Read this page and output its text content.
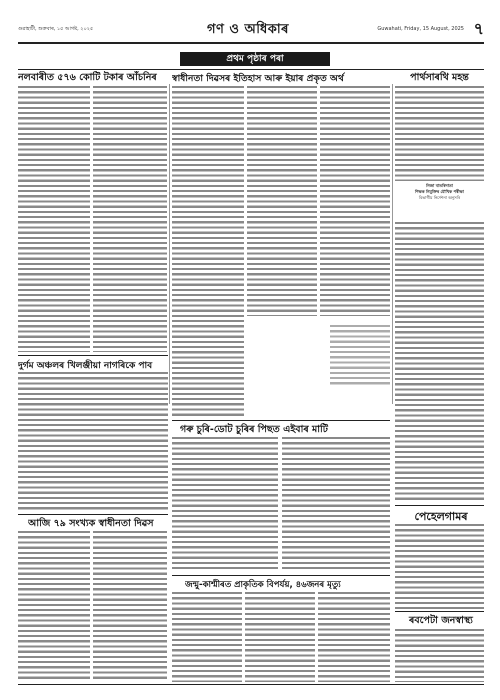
গুৱাহাটী, শুক্ৰবাৰ, ১৫ আগষ্ট, ২০২৫	গণ ও অধিকাৰ	Guwahati, Friday, 15 August, 2025 ৭
প্ৰথম পৃষ্ঠাৰ পৰা
নলবাৰীত ৫৭৬ কোটি টকাৰ আঁচনিৰ	স্বাধীনতা দিৱসৰ ইতিহাস আৰু ইয়াৰ প্ৰকৃত অৰ্থ	পাৰ্থসাৰথি মহন্ত
নিজা বাতৰিদাতা
শিক্ষক নিযুক্তিৰ মৌখিক পৰীক্ষা
বিভাগীয় নিৰ্দেশনা অনুসৰি
দুৰ্গম অঞ্চলৰ খিলঞ্জীয়া নাগৰিকে পাব
গৰু চুৰি-ডোট চুৰিৰ পিছত এইবাৰ মাটি
আজি ৭৯ সংখ্যক স্বাধীনতা দিৱস
জন্মু-কাশ্মীৰত প্ৰাকৃতিক বিপৰ্যয়, ৪৬জনৰ মৃত্যু
পেহেলগামৰ
ৰবপেটা জনস্বাস্থ্য
